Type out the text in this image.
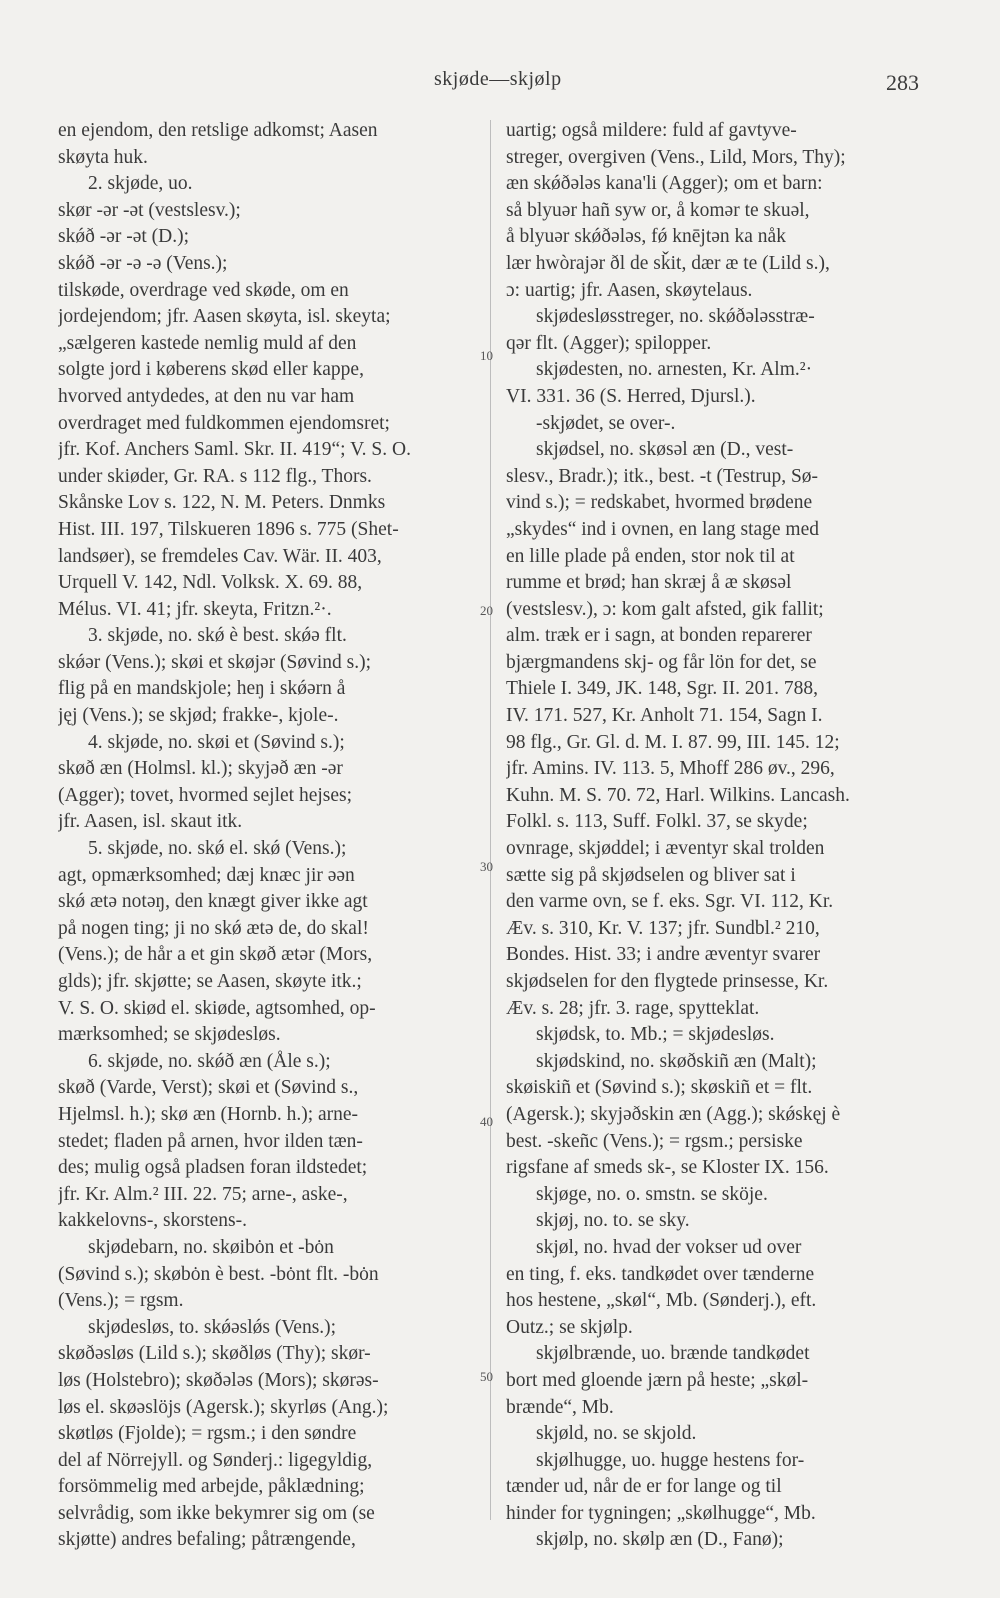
skjøde—skjølp	283
en ejendom, den retslige adkomst; Aasen
skøyta huk.
2. skjøde, uo.
skør -ər -ət (vestslesv.);
skǿð -ər -ət (D.);
skǿð -ər -ə -ə (Vens.);
tilskøde, overdrage ved skøde, om en
jordejendom; jfr. Aasen skøyta, isl. skeyta;
„sælgeren kastede nemlig muld af den
solgte jord i køberens skød eller kappe,
hvorved antydedes, at den nu var ham
overdraget med fuldkommen ejendomsret;
jfr. Kof. Anchers Saml. Skr. II. 419“; V. S. O.
under skiøder, Gr. RA. s 112 flg., Thors.
Skånske Lov s. 122, N. M. Peters. Dnmks
Hist. III. 197, Tilskueren 1896 s. 775 (Shet-
landsøer), se fremdeles Cav. Wär. II. 403,
Urquell V. 142, Ndl. Volksk. X. 69. 88,
Mélus. VI. 41; jfr. skeyta, Fritzn.²·.
3. skjøde, no. skǿ è best. skǿə flt.
skǿər (Vens.); skøi et skøjər (Søvind s.);
flig på en mandskjole; heŋ i skǿərn å
jęj (Vens.); se skjød; frakke-, kjole-.
4. skjøde, no. skøi et (Søvind s.);
skøð æn (Holmsl. kl.); skyjəð æn -ər
(Agger); tovet, hvormed sejlet hejses;
jfr. Aasen, isl. skaut itk.
5. skjøde, no. skǿ el. skǿ (Vens.);
agt, opmærksomhed; dæj knæc jir əən
skǿ ætə notəŋ, den knægt giver ikke agt
på nogen ting; ji no skǿ ætə de, do skal!
(Vens.); de hår a et gin skøð ætər (Mors,
glds); jfr. skjøtte; se Aasen, skøyte itk.;
V. S. O. skiød el. skiøde, agtsomhed, op-
mærksomhed; se skjødesløs.
6. skjøde, no. skǿð æn (Åle s.);
skøð (Varde, Verst); skøi et (Søvind s.,
Hjelmsl. h.); skø æn (Hornb. h.); arne-
stedet; fladen på arnen, hvor ilden tæn-
des; mulig også pladsen foran ildstedet;
jfr. Kr. Alm.² III. 22. 75; arne-, aske-,
kakkelovns-, skorstens-.
skjødebarn, no. skøibȯn et -bȯn
(Søvind s.); skøbȯn è best. -bȯnt flt. -bȯn
(Vens.); = rgsm.
skjødesløs, to. skǿəslǿs (Vens.);
skøðəsløs (Lild s.); skøðløs (Thy); skør-
løs (Holstebro); skøðələs (Mors); skørəs-
løs el. skøəslöjs (Agersk.); skyrløs (Ang.);
skøtløs (Fjolde); = rgsm.; i den søndre
del af Nörrejyll. og Sønderj.: ligegyldig,
forsömmelig med arbejde, påklædning;
selvrådig, som ikke bekymrer sig om (se
skjøtte) andres befaling; påtrængende,
uartig; også mildere: fuld af gavtyve-
streger, overgiven (Vens., Lild, Mors, Thy);
æn skǿðələs kana'li (Agger); om et barn:
så blyuər hañ syw or, å komər te skuəl,
å blyuər skǿðələs, fǿ knējtən ka nåk
lær hwòrajər ðl de sǩit, dær æ te (Lild s.),
ɔ: uartig; jfr. Aasen, skøytelaus.
skjødesløsstreger, no. skǿðələsstræ-
qər flt. (Agger); spilopper.
skjødesten, no. arnesten, Kr. Alm.²·
VI. 331. 36 (S. Herred, Djursl.).
-skjødet, se over-.
skjødsel, no. skøsəl æn (D., vest-
slesv., Bradr.); itk., best. -t (Testrup, Sø-
vind s.); = redskabet, hvormed brødene
„skydes“ ind i ovnen, en lang stage med
en lille plade på enden, stor nok til at
rumme et brød; han skræj å æ skøsəl
(vestslesv.), ɔ: kom galt afsted, gik fallit;
alm. træk er i sagn, at bonden reparerer
bjærgmandens skj- og får lön for det, se
Thiele I. 349, JK. 148, Sgr. II. 201. 788,
IV. 171. 527, Kr. Anholt 71. 154, Sagn I.
98 flg., Gr. Gl. d. M. I. 87. 99, III. 145. 12;
jfr. Amins. IV. 113. 5, Mhoff 286 øv., 296,
Kuhn. M. S. 70. 72, Harl. Wilkins. Lancash.
Folkl. s. 113, Suff. Folkl. 37, se skyde;
ovnrage, skjøddel; i æventyr skal trolden
sætte sig på skjødselen og bliver sat i
den varme ovn, se f. eks. Sgr. VI. 112, Kr.
Æv. s. 310, Kr. V. 137; jfr. Sundbl.² 210,
Bondes. Hist. 33; i andre æventyr svarer
skjødselen for den flygtede prinsesse, Kr.
Æv. s. 28; jfr. 3. rage, spytteklat.
skjødsk, to. Mb.; = skjødesløs.
skjødskind, no. skøðskiñ æn (Malt);
skøiskiñ et (Søvind s.); skøskiñ et = flt.
(Agersk.); skyjəðskin æn (Agg.); skǿskęj è
best. -skeñc (Vens.); = rgsm.; persiske
rigsfane af smeds sk-, se Kloster IX. 156.
skjøge, no. o. smstn. se sköje.
skjøj, no. to. se sky.
skjøl, no. hvad der vokser ud over
en ting, f. eks. tandkødet over tænderne
hos hestene, „skøl“, Mb. (Sønderj.), eft.
Outz.; se skjølp.
skjølbrænde, uo. brænde tandkødet
bort med gloende jærn på heste; „skøl-
brænde“, Mb.
skjøld, no. se skjold.
skjølhugge, uo. hugge hestens for-
tænder ud, når de er for lange og til
hinder for tygningen; „skølhugge“, Mb.
skjølp, no. skølp æn (D., Fanø);
10
20
30
40
50
